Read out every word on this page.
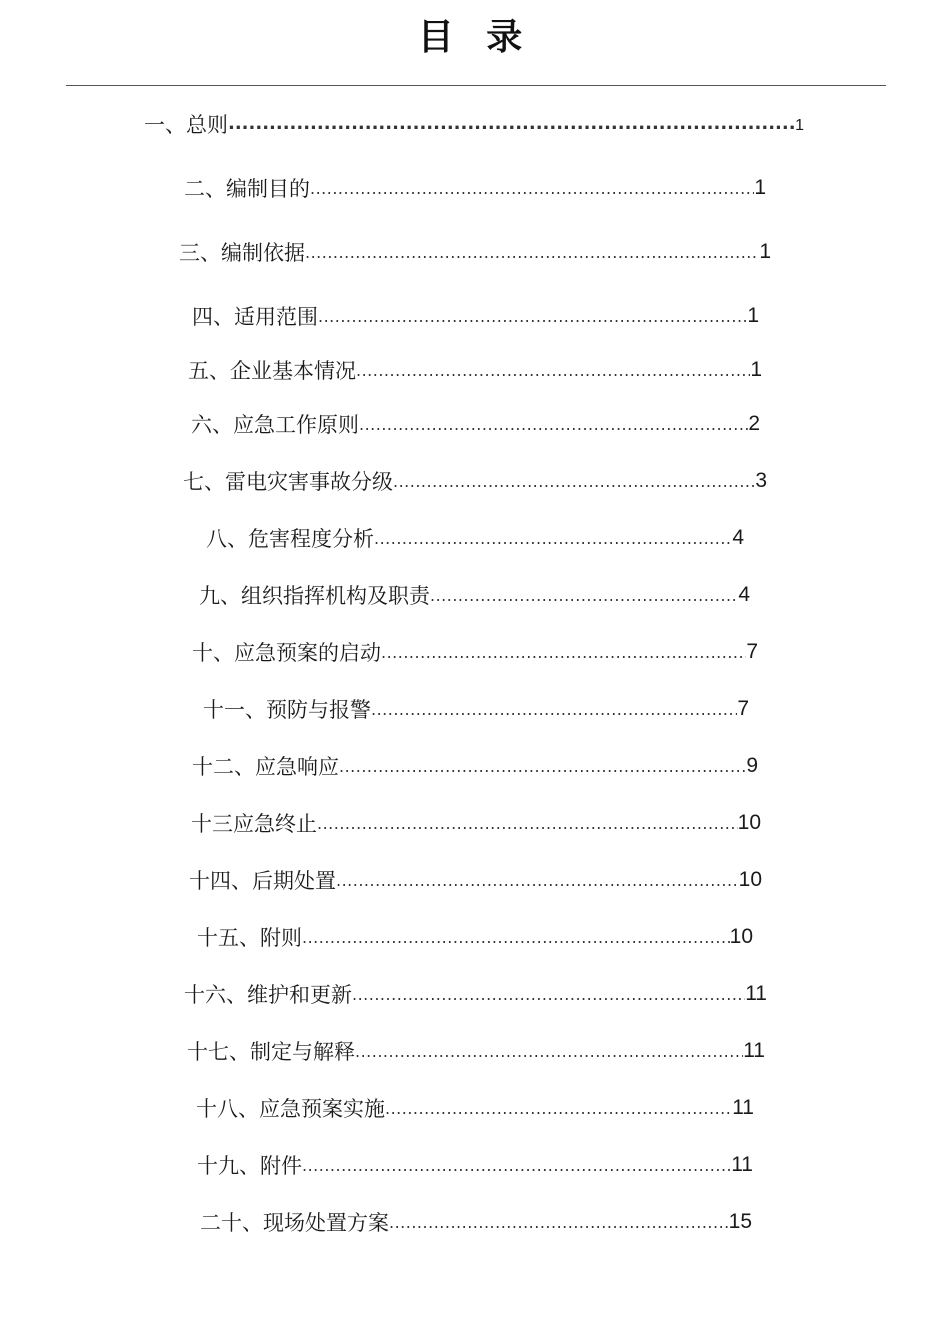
目 录
一、总则 .....	1
二、编制目的 .....	1
三、编制依据 .....	1
四、适用范围 .....	1
五、企业基本情况 .....	1
六、应急工作原则 .....	2
七、雷电灾害事故分级 .....	3
八、危害程度分析 .....	4
九、组织指挥机构及职责 .....	4
十、应急预案的启动 .....	7
十一、预防与报警 .....	7
十二、应急响应 .....	9
十三应急终止 .....	10
十四、后期处置 .....	10
十五、附则 .....	10
十六、维护和更新 .....	11
十七、制定与解释 .....	11
十八、应急预案实施 .....	11
十九、附件 .....	11
二十、现场处置方案 .....	15
